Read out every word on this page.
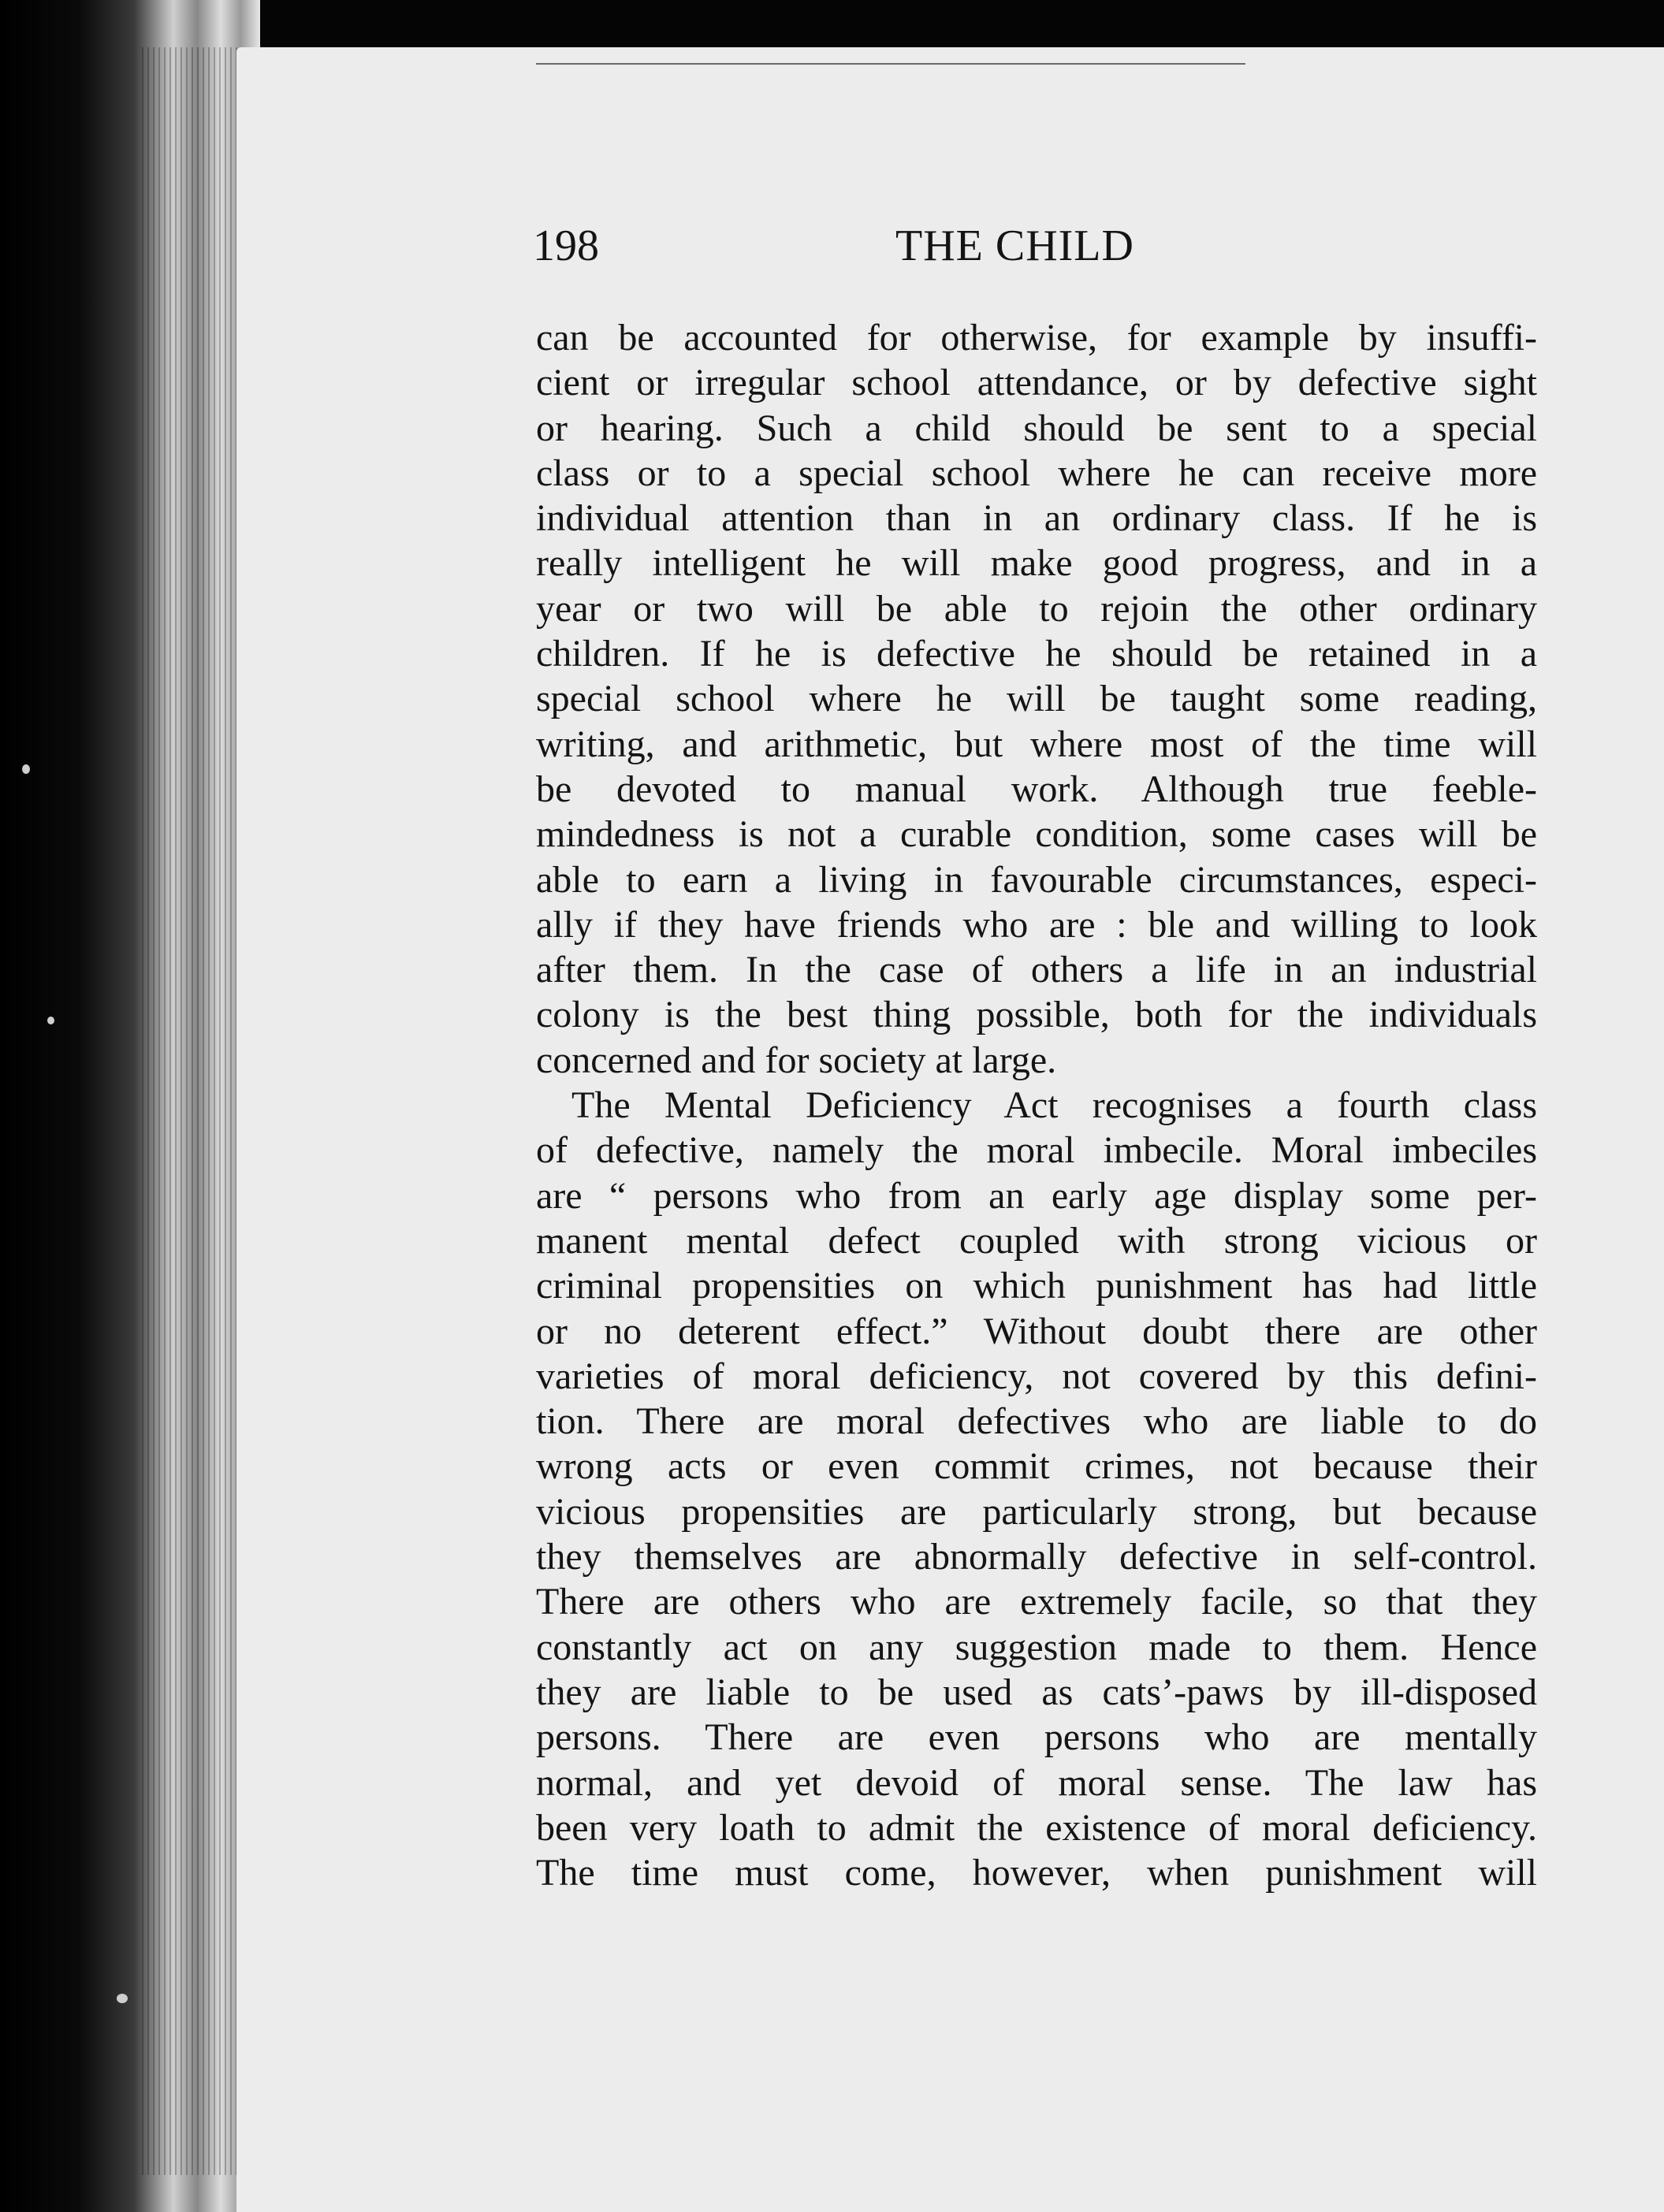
198	THE CHILD
can be accounted for otherwise, for example by insuffi-
cient or irregular school attendance, or by defective sight
or hearing. Such a child should be sent to a special
class or to a special school where he can receive more
individual attention than in an ordinary class. If he is
really intelligent he will make good progress, and in a
year or two will be able to rejoin the other ordinary
children. If he is defective he should be retained in a
special school where he will be taught some reading,
writing, and arithmetic, but where most of the time will
be devoted to manual work. Although true feeble-
mindedness is not a curable condition, some cases will be
able to earn a living in favourable circumstances, especi-
ally if they have friends who are : ble and willing to look
after them. In the case of others a life in an industrial
colony is the best thing possible, both for the individuals
concerned and for society at large.
The Mental Deficiency Act recognises a fourth class
of defective, namely the moral imbecile. Moral imbeciles
are “ persons who from an early age display some per-
manent mental defect coupled with strong vicious or
criminal propensities on which punishment has had little
or no deterent effect.” Without doubt there are other
varieties of moral deficiency, not covered by this defini-
tion. There are moral defectives who are liable to do
wrong acts or even commit crimes, not because their
vicious propensities are particularly strong, but because
they themselves are abnormally defective in self-control.
There are others who are extremely facile, so that they
constantly act on any suggestion made to them. Hence
they are liable to be used as cats’-paws by ill-disposed
persons. There are even persons who are mentally
normal, and yet devoid of moral sense. The law has
been very loath to admit the existence of moral deficiency.
The time must come, however, when punishment will
